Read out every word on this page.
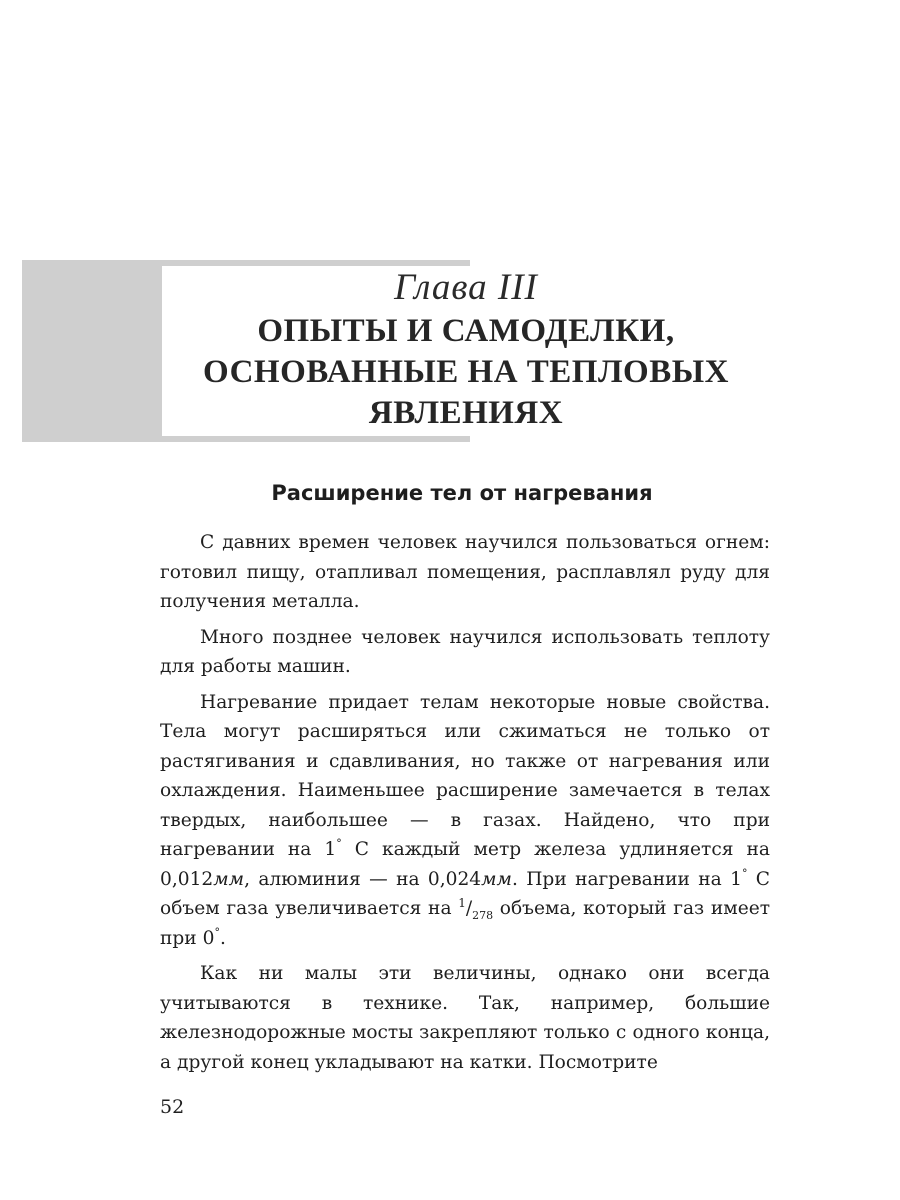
Глава III
ОПЫТЫ И САМОДЕЛКИ,
ОСНОВАННЫЕ НА ТЕПЛОВЫХ
ЯВЛЕНИЯХ
Расширение тел от нагревания

С давних времен человек научился пользоваться огнем: готовил пищу, отапливал помещения, расплавлял руду для получения металла.

Много позднее человек научился использовать теплоту для работы машин.

Нагревание придает телам некоторые новые свойства. Тела могут расширяться или сжиматься не только от растягивания и сдавливания, но также от нагревания или охлаждения. Наименьшее расширение замечается в телах твердых, наибольшее — в газах. Найдено, что при нагревании на 1° C каждый метр железа удлиняется на 0,012мм, алюминия — на 0,024мм. При нагревании на 1° C объем газа увеличивается на $^1/_{278}$ объема, который газ имеет при 0°.

Как ни малы эти величины, однако они всегда учитываются в технике. Так, например, большие железнодорожные мосты закрепляют только с одного конца, а другой конец укладывают на катки. Посмотрите

52
